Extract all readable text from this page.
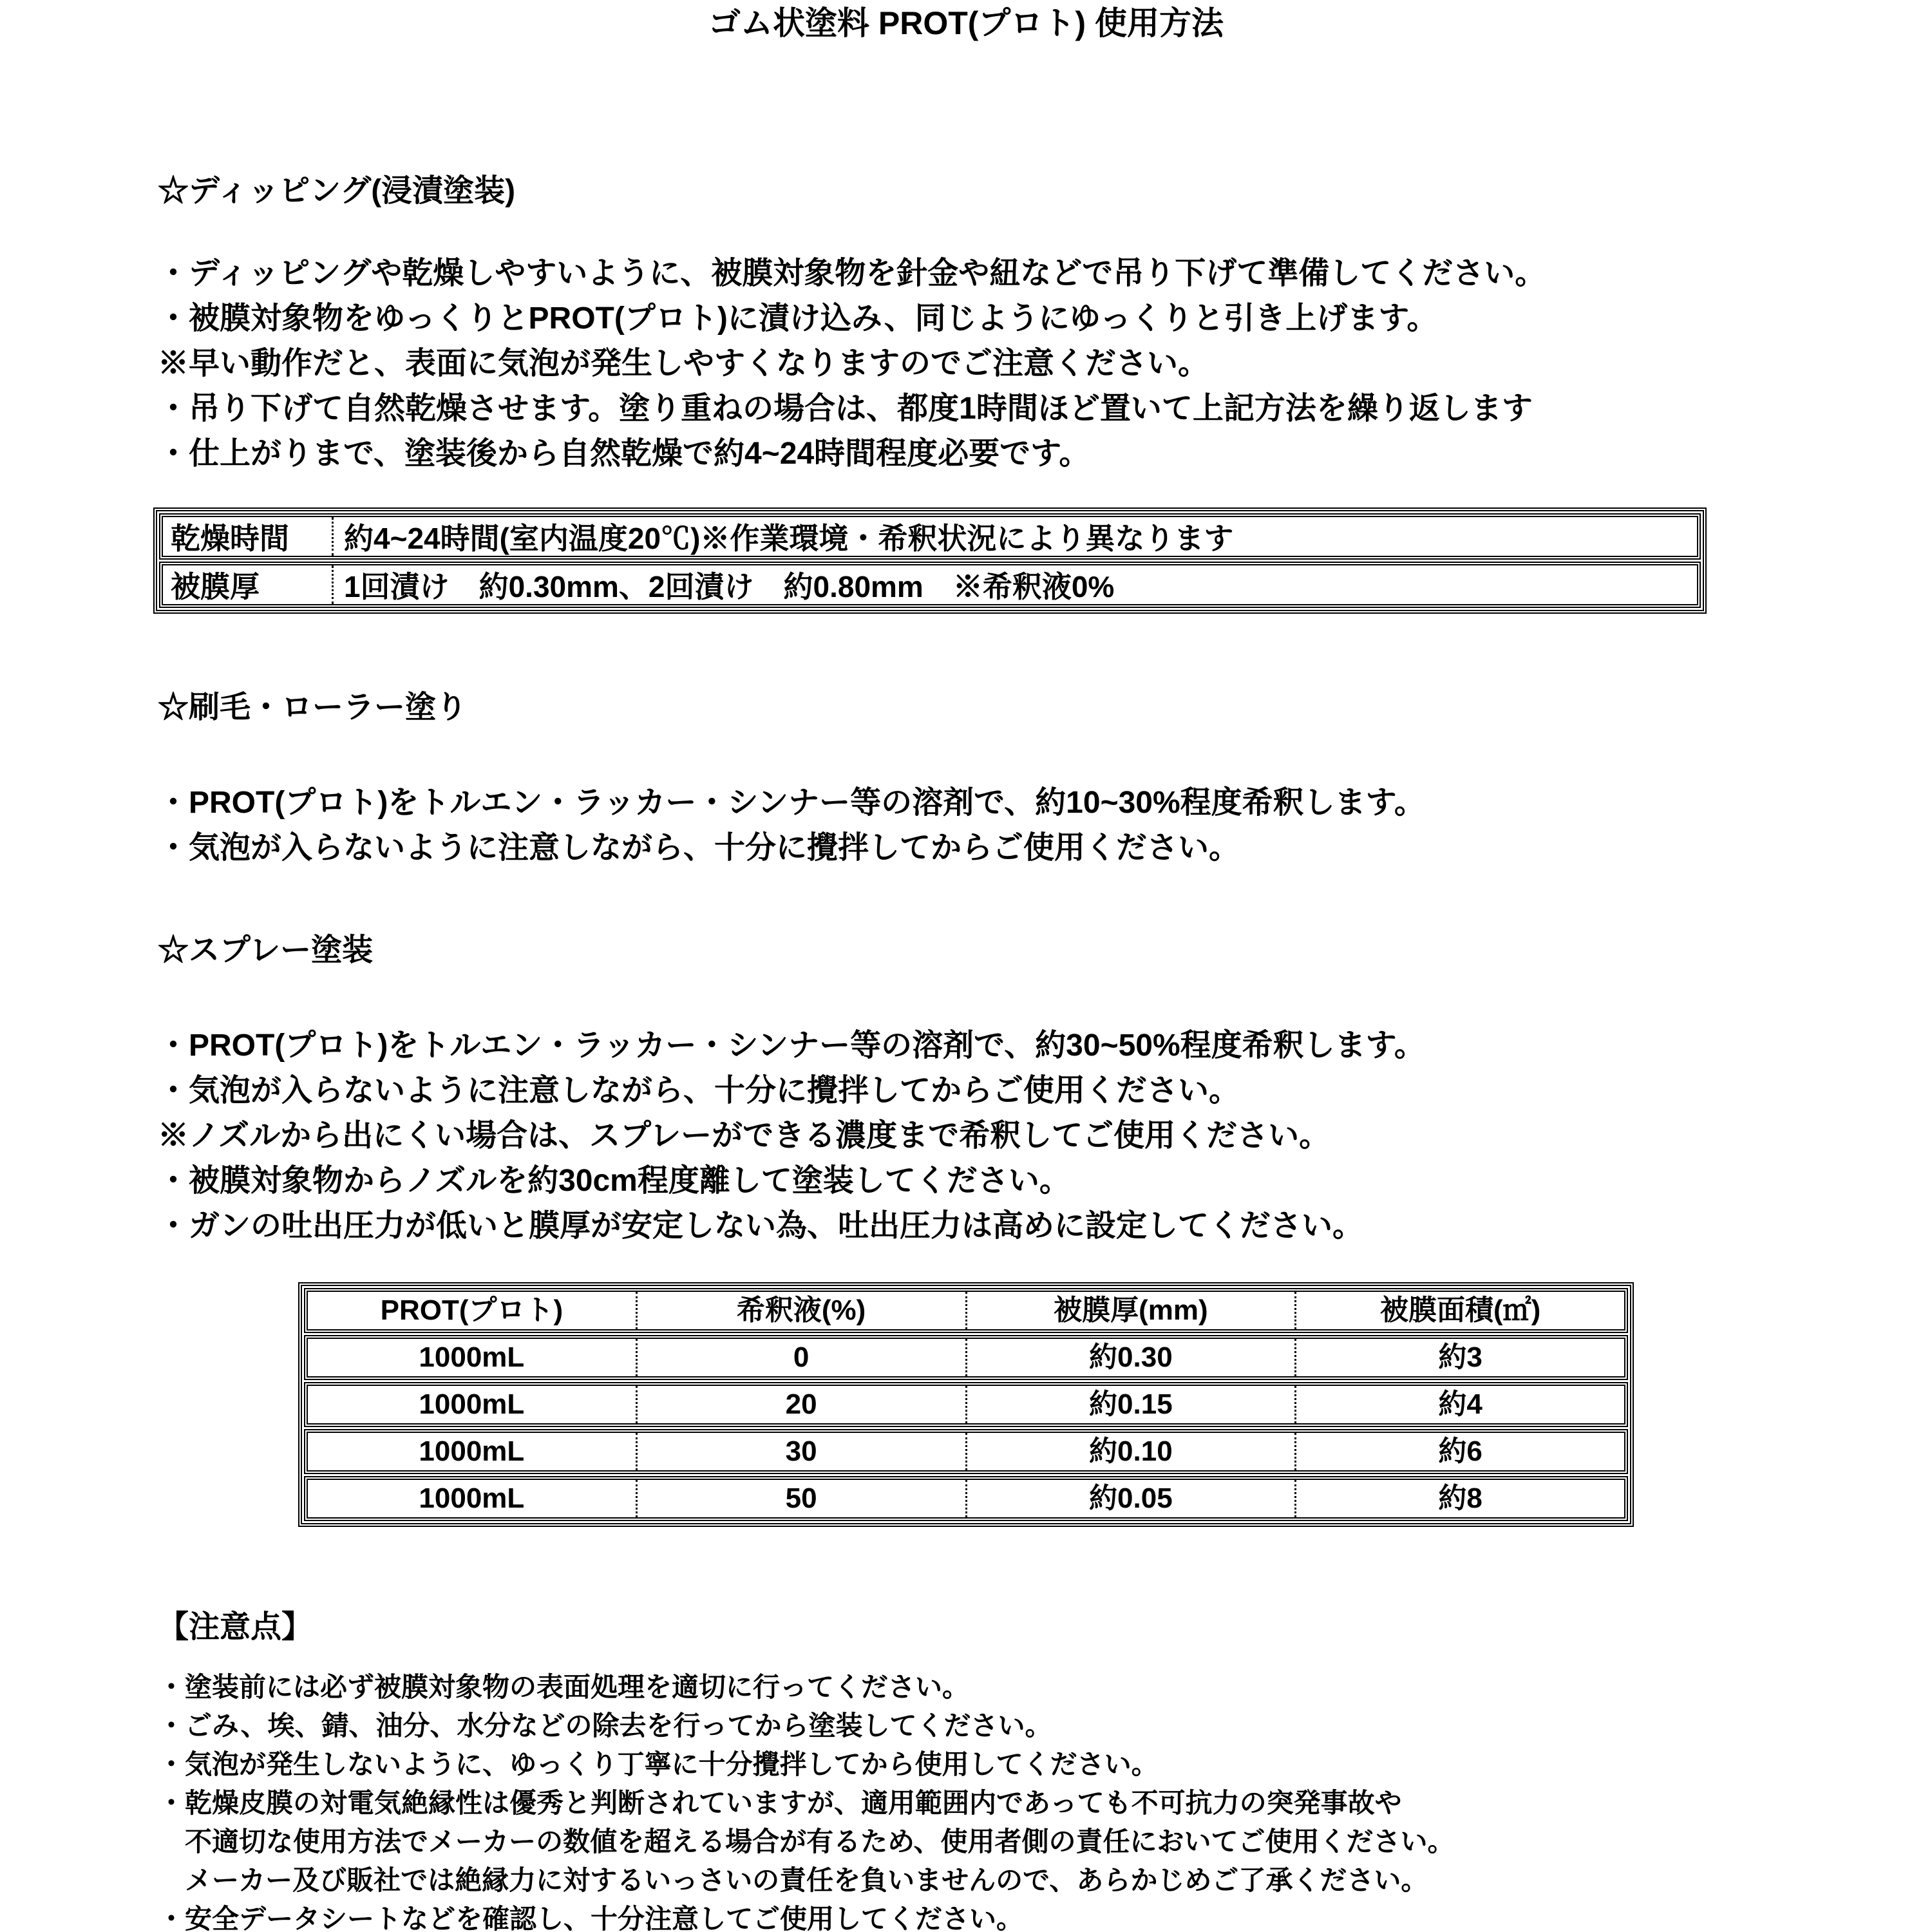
ゴム状塗料 PROT(プロト) 使用方法
☆ディッピング(浸漬塗装)
・ディッピングや乾燥しやすいように、被膜対象物を針金や紐などで吊り下げて準備してください。
・被膜対象物をゆっくりとPROT(プロト)に漬け込み、同じようにゆっくりと引き上げます。
※早い動作だと、表面に気泡が発生しやすくなりますのでご注意ください。
・吊り下げて自然乾燥させます。塗り重ねの場合は、都度1時間ほど置いて上記方法を繰り返します
・仕上がりまで、塗装後から自然乾燥で約4~24時間程度必要です。
乾燥時間	約4~24時間(室内温度20℃)※作業環境・希釈状況により異なります
被膜厚	1回漬け　約0.30mm、2回漬け　約0.80mm　※希釈液0%
☆刷毛・ローラー塗り
・PROT(プロト)をトルエン・ラッカー・シンナー等の溶剤で、約10~30%程度希釈します。
・気泡が入らないように注意しながら、十分に攪拌してからご使用ください。
☆スプレー塗装
・PROT(プロト)をトルエン・ラッカー・シンナー等の溶剤で、約30~50%程度希釈します。
・気泡が入らないように注意しながら、十分に攪拌してからご使用ください。
※ノズルから出にくい場合は、スプレーができる濃度まで希釈してご使用ください。
・被膜対象物からノズルを約30cm程度離して塗装してください。
・ガンの吐出圧力が低いと膜厚が安定しない為、吐出圧力は高めに設定してください。
PROT(プロト)	希釈液(%)	被膜厚(mm)	被膜面積(㎡)
1000mL	0	約0.30	約3
1000mL	20	約0.15	約4
1000mL	30	約0.10	約6
1000mL	50	約0.05	約8
【注意点】
・塗装前には必ず被膜対象物の表面処理を適切に行ってください。
・ごみ、埃、錆、油分、水分などの除去を行ってから塗装してください。
・気泡が発生しないように、ゆっくり丁寧に十分攪拌してから使用してください。
・乾燥皮膜の対電気絶縁性は優秀と判断されていますが、適用範囲内であっても不可抗力の突発事故や
　不適切な使用方法でメーカーの数値を超える場合が有るため、使用者側の責任においてご使用ください。
　メーカー及び販社では絶縁力に対するいっさいの責任を負いませんので、あらかじめご了承ください。
・安全データシートなどを確認し、十分注意してご使用してください。
